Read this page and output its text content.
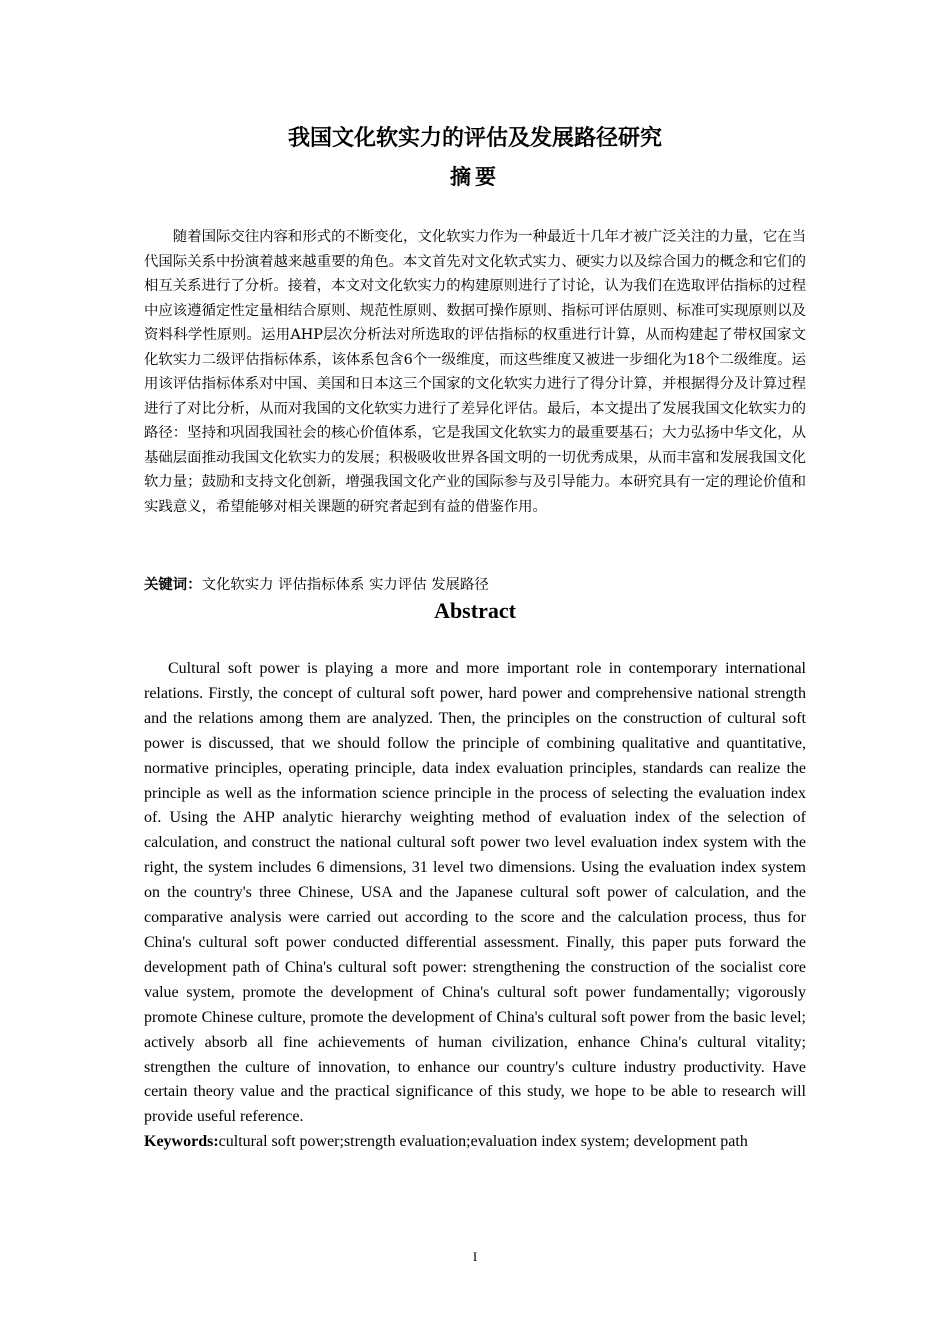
我国文化软实力的评估及发展路径研究
摘要

随着国际交往内容和形式的不断变化，文化软实力作为一种最近十几年才被广泛关注的力量，它在当代国际关系中扮演着越来越重要的角色。本文首先对文化软式实力、硬实力以及综合国力的概念和它们的相互关系进行了分析。接着，本文对文化软实力的构建原则进行了讨论，认为我们在选取评估指标的过程中应该遵循定性定量相结合原则、规范性原则、数据可操作原则、指标可评估原则、标准可实现原则以及资料科学性原则。运用AHP层次分析法对所选取的评估指标的权重进行计算，从而构建起了带权国家文化软实力二级评估指标体系，该体系包含6个一级维度，而这些维度又被进一步细化为18个二级维度。运用该评估指标体系对中国、美国和日本这三个国家的文化软实力进行了得分计算，并根据得分及计算过程进行了对比分析，从而对我国的文化软实力进行了差异化评估。最后，本文提出了发展我国文化软实力的路径：坚持和巩固我国社会的核心价值体系，它是我国文化软实力的最重要基石；大力弘扬中华文化，从基础层面推动我国文化软实力的发展；积极吸收世界各国文明的一切优秀成果，从而丰富和发展我国文化软力量；鼓励和支持文化创新，增强我国文化产业的国际参与及引导能力。本研究具有一定的理论价值和实践意义，希望能够对相关课题的研究者起到有益的借鉴作用。

关键词：文化软实力 评估指标体系 实力评估 发展路径

Abstract

Cultural soft power is playing a more and more important role in contemporary international relations. Firstly, the concept of cultural soft power, hard power and comprehensive national strength and the relations among them are analyzed. Then, the principles on the construction of cultural soft power is discussed, that we should follow the principle of combining qualitative and quantitative, normative principles, operating principle, data index evaluation principles, standards can realize the principle as well as the information science principle in the process of selecting the evaluation index of. Using the AHP analytic hierarchy weighting method of evaluation index of the selection of calculation, and construct the national cultural soft power two level evaluation index system with the right, the system includes 6 dimensions, 31 level two dimensions. Using the evaluation index system on the country's three Chinese, USA and the Japanese cultural soft power of calculation, and the comparative analysis were carried out according to the score and the calculation process, thus for China's cultural soft power conducted differential assessment. Finally, this paper puts forward the development path of China's cultural soft power: strengthening the construction of the socialist core value system, promote the development of China's cultural soft power fundamentally; vigorously promote Chinese culture, promote the development of China's cultural soft power from the basic level; actively absorb all fine achievements of human civilization, enhance China's cultural vitality; strengthen the culture of innovation, to enhance our country's culture industry productivity. Have certain theory value and the practical significance of this study, we hope to be able to research will provide useful reference.

Keywords:cultural soft power;strength evaluation;evaluation index system; development path

I
